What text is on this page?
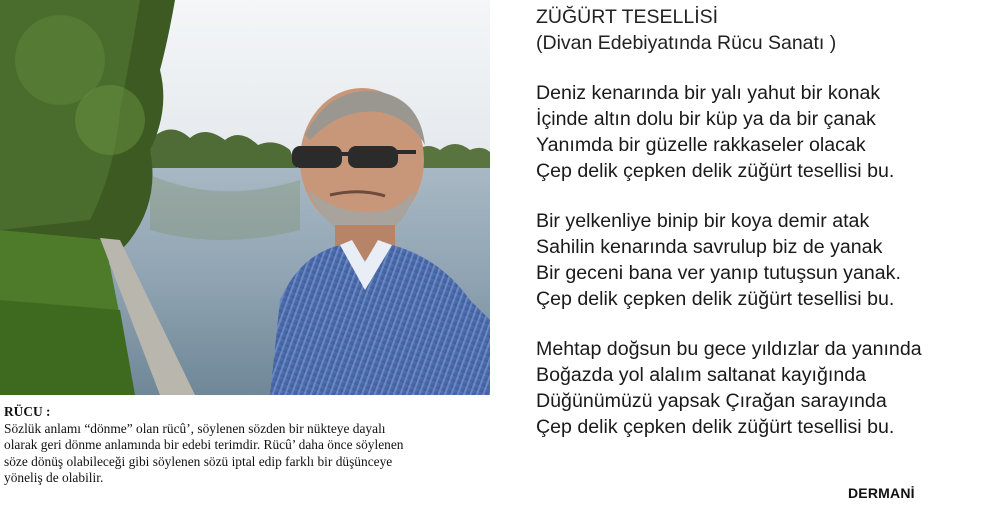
RÜCU :
Sözlük anlamı “dönme” olan rücû’, söylenen sözden bir nükteye dayalı
olarak geri dönme anlamında bir edebi terimdir. Rücû’ daha önce söylenen
söze dönüş olabileceği gibi söylenen sözü iptal edip farklı bir düşünceye
yöneliş de olabilir.
ZÜĞÜRT TESELLİSİ
(Divan Edebiyatında Rücu Sanatı )
Deniz kenarında bir yalı yahut bir konak
İçinde altın dolu bir küp ya da bir çanak
Yanımda bir güzelle rakkaseler olacak
Çep delik çepken delik züğürt tesellisi bu.
Bir yelkenliye binip bir koya demir atak
Sahilin kenarında savrulup biz de yanak
Bir geceni bana ver yanıp tutuşsun yanak.
Çep delik çepken delik züğürt tesellisi bu.
Mehtap doğsun bu gece yıldızlar da yanında
Boğazda yol alalım saltanat kayığında
Düğünümüzü yapsak Çırağan sarayında
Çep delik çepken delik züğürt tesellisi bu.
DERMANİ
